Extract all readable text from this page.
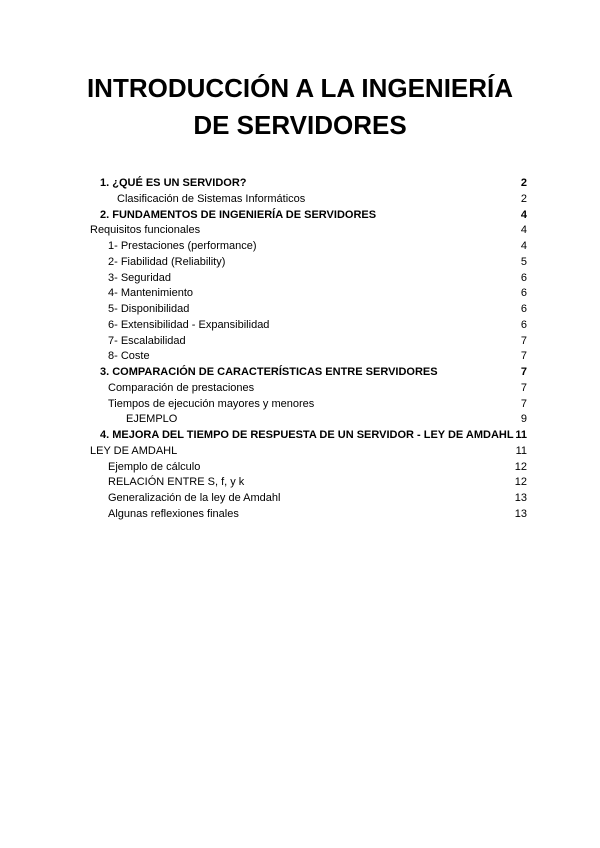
INTRODUCCIÓN A LA INGENIERÍA
DE SERVIDORES
1. ¿QUÉ ES UN SERVIDOR?	2
Clasificación de Sistemas Informáticos	2
2. FUNDAMENTOS DE INGENIERÍA DE SERVIDORES	4
Requisitos funcionales	4
1- Prestaciones (performance)	4
2- Fiabilidad (Reliability)	5
3- Seguridad	6
4- Mantenimiento	6
5- Disponibilidad	6
6- Extensibilidad - Expansibilidad	6
7- Escalabilidad	7
8- Coste	7
3. COMPARACIÓN DE CARACTERÍSTICAS ENTRE SERVIDORES	7
Comparación de prestaciones	7
Tiempos de ejecución mayores y menores	7
EJEMPLO	9
4. MEJORA DEL TIEMPO DE RESPUESTA DE UN SERVIDOR - LEY DE AMDAHL 11
LEY DE AMDAHL	11
Ejemplo de cálculo	12
RELACIÓN ENTRE S, f, y k	12
Generalización de la ley de Amdahl	13
Algunas reflexiones finales	13
